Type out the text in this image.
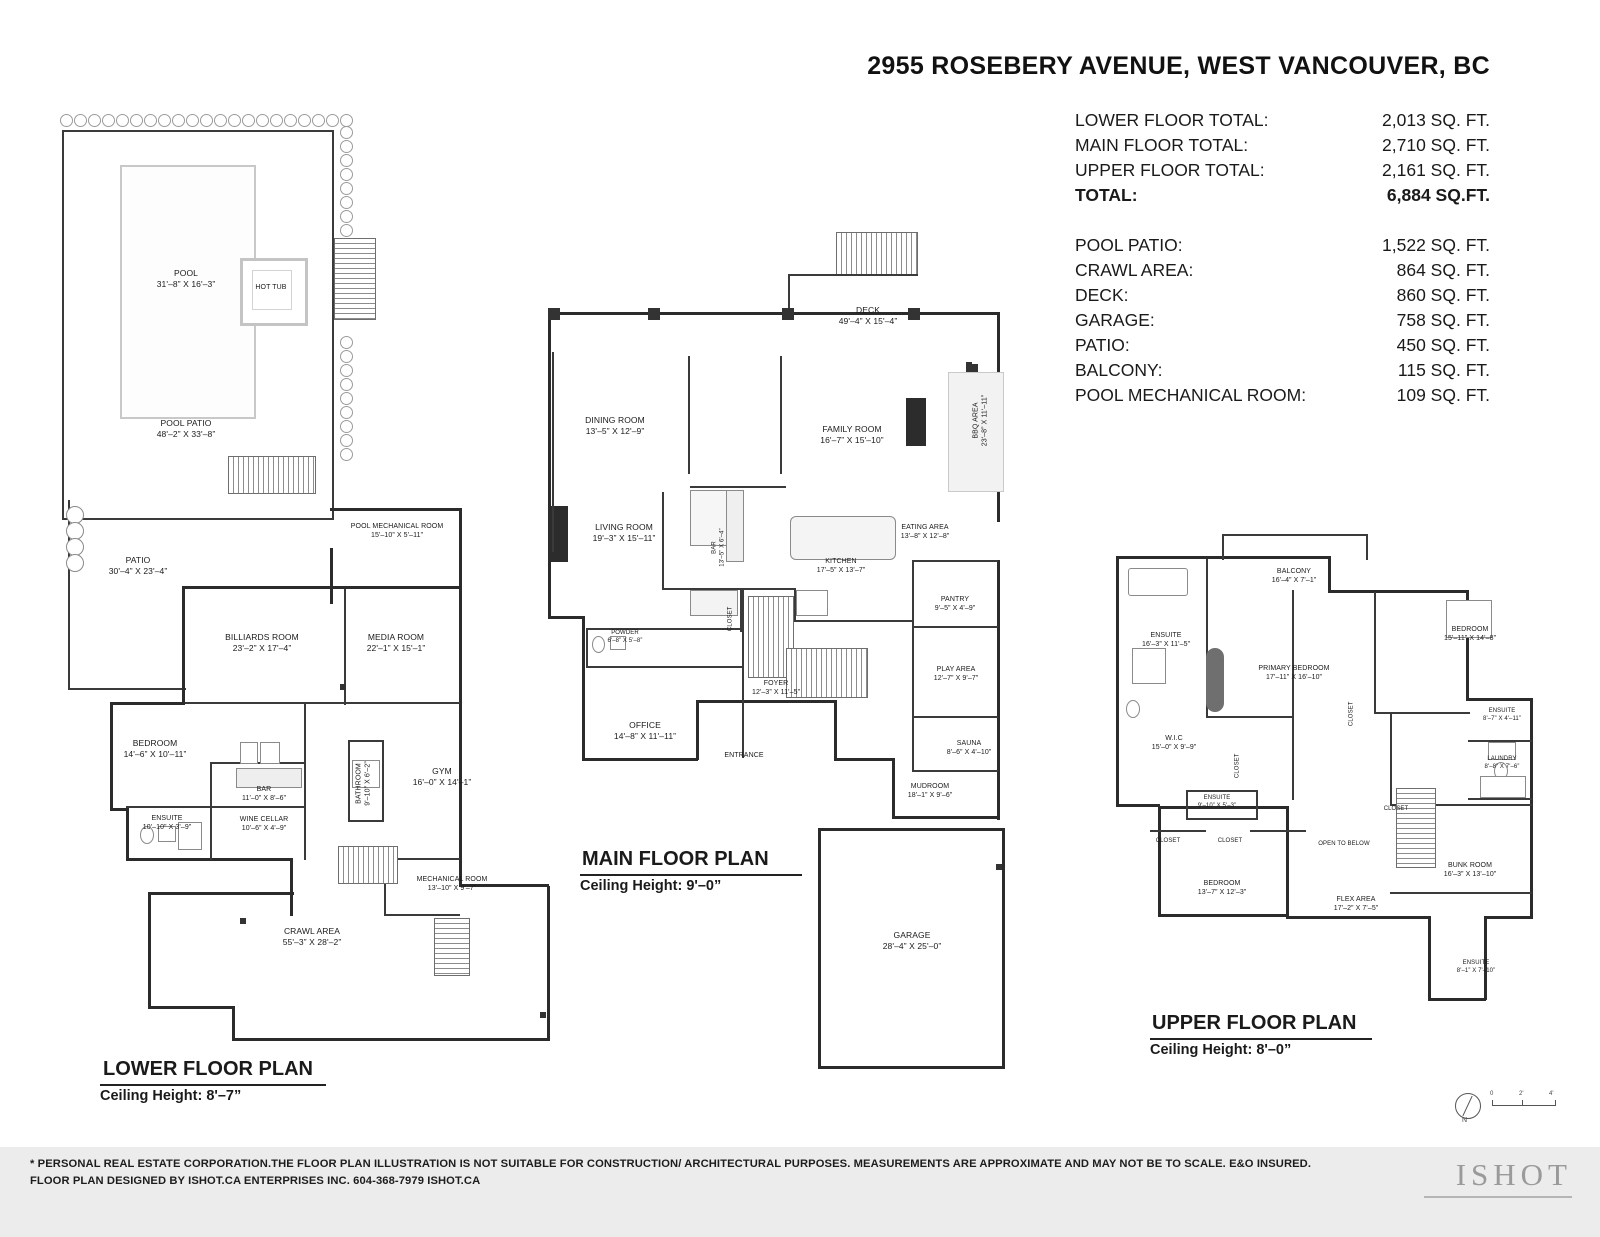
2955 ROSEBERY AVENUE, WEST VANCOUVER, BC
LOWER FLOOR TOTAL:	2,013 SQ. FT.
MAIN FLOOR TOTAL:	2,710 SQ. FT.
UPPER FLOOR TOTAL:	2,161 SQ. FT.
TOTAL:	6,884 SQ.FT.
POOL PATIO:	1,522 SQ. FT.
CRAWL AREA:	864 SQ. FT.
DECK:	860 SQ. FT.
GARAGE:	758 SQ. FT.
PATIO:	450 SQ. FT.
BALCONY:	115 SQ. FT.
POOL MECHANICAL ROOM:	109 SQ. FT.
POOL
31'–8” X 16'–3”	HOT TUB
POOL PATIO
48'–2” X 33'–8”
PATIO
30'–4” X 23'–4”
POOL MECHANICAL ROOM
15'–10” X 5'–11”
BILLIARDS ROOM
23'–2” X 17'–4”
MEDIA ROOM
22'–1” X 15'–1”
BEDROOM
14'–6” X 10'–11”
BAR
11'–0” X 8'–6”
ENSUITE
10'–10” X 3'–9”
WINE CELLAR
10'–6” X 4'–9”
BATHROOM 9'–10” X 6'–2”	GYM
16'–0” X 14'–1”
MECHANICAL ROOM
13'–10” X 9'–7”
CRAWL AREA
55'–3” X 28'–2”
LOWER FLOOR PLAN
Ceiling Height: 8'–7”
DECK
49'–4” X 15'–4”
GARAGE
28'–4” X 25'–0”
BBQ AREA 23'–8” X 11'–11”
DINING ROOM
13'–5” X 12'–9”	FAMILY ROOM
16'–7” X 15'–10”
LIVING ROOM
19'–3” X 15'–11”
BAR 13'–5” X 6'–4”	KITCHEN
17'–5” X 13'–7”
EATING AREA
13'–8” X 12'–8”
PANTRY
9'–5” X 4'–9”
POWDER
6'–8” X 5'–8”
CLOSET
FOYER
12'–3” X 11'–5”
PLAY AREA
12'–7” X 9'–7”
OFFICE
14'–8” X 11'–11”
ENTRANCE
SAUNA
8'–6” X 4'–10”
MUDROOM
18'–1” X 9'–6”
MAIN FLOOR PLAN
Ceiling Height: 9'–0”
BALCONY
16'–4” X 7'–1”
BEDROOM
15'–11” X 14'–8”
ENSUITE
16'–3” X 11'–5”
PRIMARY BEDROOM
17'–11” X 16'–10”
ENSUITE
8'–7” X 4'–11”
CLOSET
LAUNDRY
8'–8” X 7'–6”
W.I.C
15'–0” X 9'–9”
CLOSET
CLOSET
ENSUITE
9'–10” X 5'–3”
CLOSET	CLOSET	OPEN TO BELOW
BUNK ROOM
16'–3” X 13'–10”
BEDROOM
13'–7” X 12'–3”
FLEX AREA
17'–2” X 7'–5”
ENSUITE
8'–1” X 7'–10”
UPPER FLOOR PLAN
Ceiling Height: 8'–0”
N
0	2'	4'
* PERSONAL REAL ESTATE CORPORATION.THE FLOOR PLAN ILLUSTRATION IS NOT SUITABLE FOR CONSTRUCTION/ ARCHITECTURAL PURPOSES. MEASUREMENTS ARE APPROXIMATE AND MAY NOT BE TO SCALE. E&O INSURED.
FLOOR PLAN DESIGNED BY ISHOT.CA ENTERPRISES INC. 604-368-7979 ISHOT.CA	ISHOT
